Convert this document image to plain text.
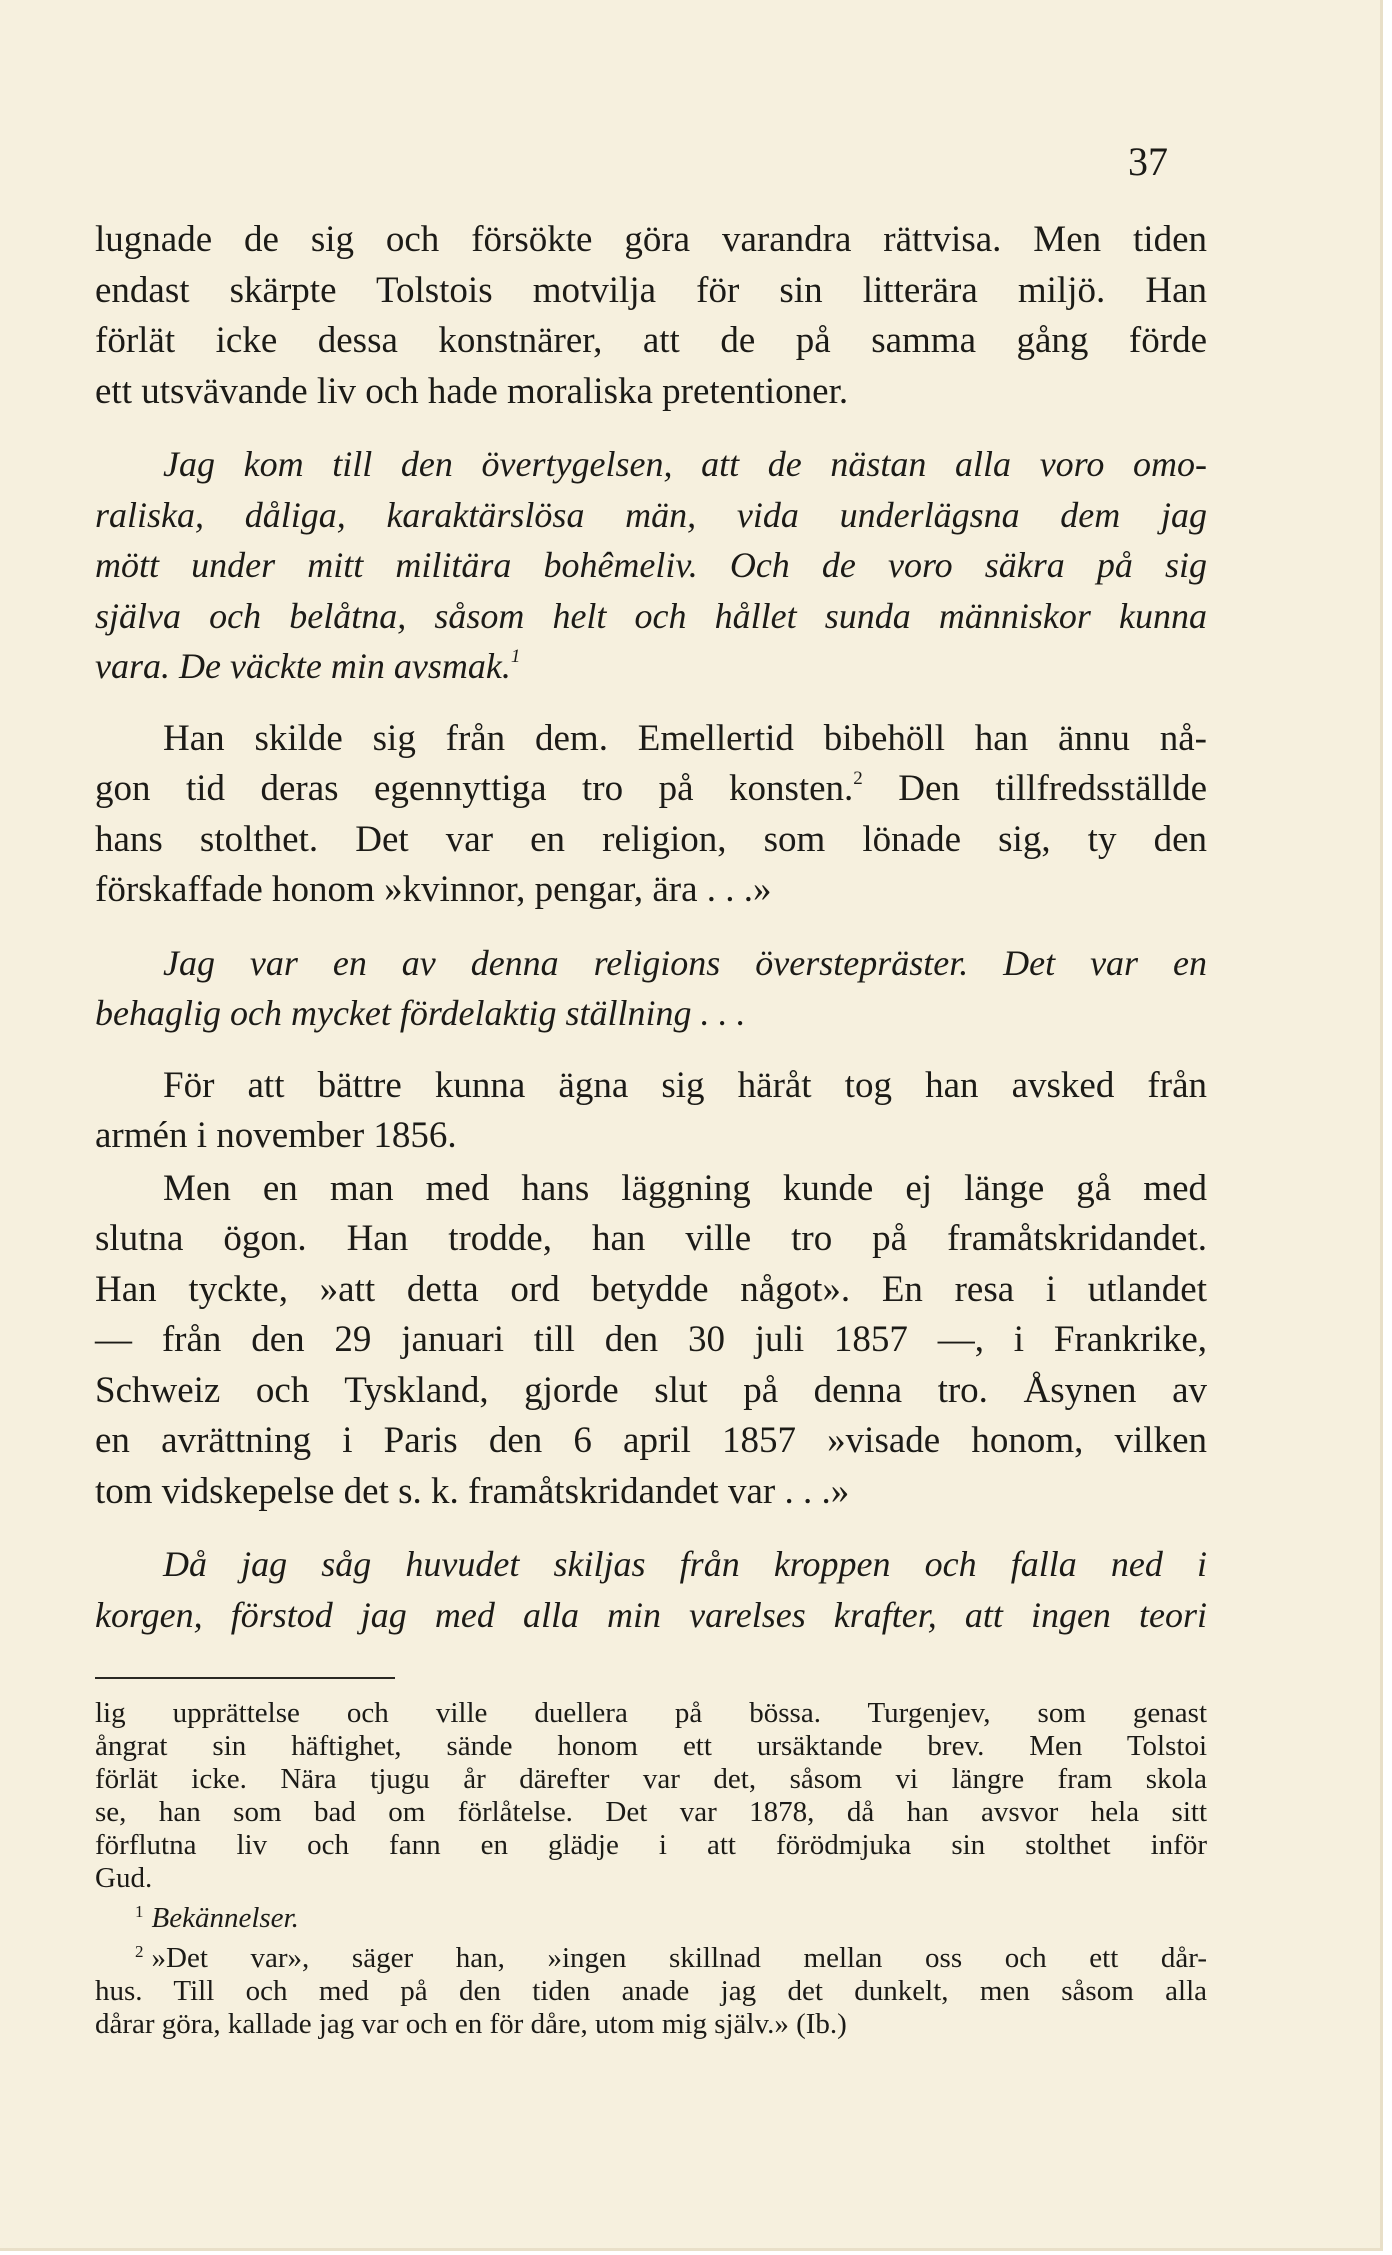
37
lugnade de sig och försökte göra varandra rättvisa. Men tiden
endast skärpte Tolstois motvilja för sin litterära miljö. Han
förlät icke dessa konstnärer, att de på samma gång förde
ett utsvävande liv och hade moraliska pretentioner.
Jag kom till den övertygelsen, att de nästan alla voro omo-
raliska, dåliga, karaktärslösa män, vida underlägsna dem jag
mött under mitt militära bohêmeliv. Och de voro säkra på sig
själva och belåtna, såsom helt och hållet sunda människor kunna
vara. De väckte min avsmak.$^1$
Han skilde sig från dem. Emellertid bibehöll han ännu nå-
gon tid deras egennyttiga tro på konsten.$^2$ Den tillfredsställde
hans stolthet. Det var en religion, som lönade sig, ty den
förskaffade honom »kvinnor, pengar, ära . . .»
Jag var en av denna religions överstepräster. Det var en
behaglig och mycket fördelaktig ställning . . .
För att bättre kunna ägna sig häråt tog han avsked från
armén i november 1856.
Men en man med hans läggning kunde ej länge gå med
slutna ögon. Han trodde, han ville tro på framåtskridandet.
Han tyckte, »att detta ord betydde något». En resa i utlandet
— från den 29 januari till den 30 juli 1857 —, i Frankrike,
Schweiz och Tyskland, gjorde slut på denna tro. Åsynen av
en avrättning i Paris den 6 april 1857 »visade honom, vilken
tom vidskepelse det s. k. framåtskridandet var . . .»
Då jag såg huvudet skiljas från kroppen och falla ned i
korgen, förstod jag med alla min varelses krafter, att ingen teori
lig upprättelse och ville duellera på bössa. Turgenjev, som genast
ångrat sin häftighet, sände honom ett ursäktande brev. Men Tolstoi
förlät icke. Nära tjugu år därefter var det, såsom vi längre fram skola
se, han som bad om förlåtelse. Det var 1878, då han avsvor hela sitt
förflutna liv och fann en glädje i att förödmjuka sin stolthet inför
Gud.
$^1$ Bekännelser.
$^2$ »Det var», säger han, »ingen skillnad mellan oss och ett dår-
hus. Till och med på den tiden anade jag det dunkelt, men såsom alla
dårar göra, kallade jag var och en för dåre, utom mig själv.» (Ib.)
